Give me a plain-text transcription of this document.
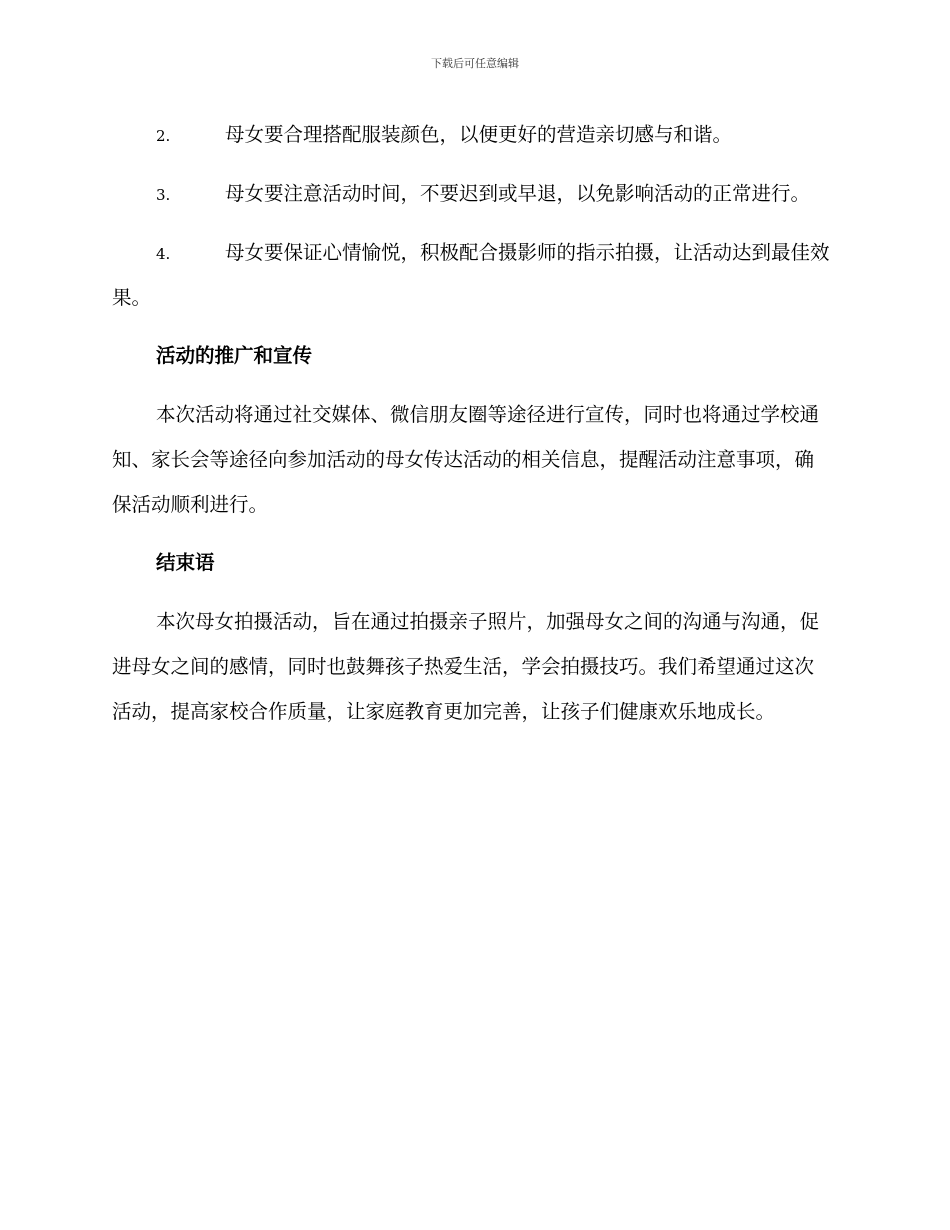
下载后可任意编辑

2.	母女要合理搭配服装颜色，以便更好的营造亲切感与和谐。

3.	母女要注意活动时间，不要迟到或早退，以免影响活动的正常进行。

4.	母女要保证心情愉悦，积极配合摄影师的指示拍摄，让活动达到最佳效果。

活动的推广和宣传

本次活动将通过社交媒体、微信朋友圈等途径进行宣传，同时也将通过学校通知、家长会等途径向参加活动的母女传达活动的相关信息，提醒活动注意事项，确保活动顺利进行。

结束语

本次母女拍摄活动，旨在通过拍摄亲子照片，加强母女之间的沟通与沟通，促进母女之间的感情，同时也鼓舞孩子热爱生活，学会拍摄技巧。我们希望通过这次活动，提高家校合作质量，让家庭教育更加完善，让孩子们健康欢乐地成长。
